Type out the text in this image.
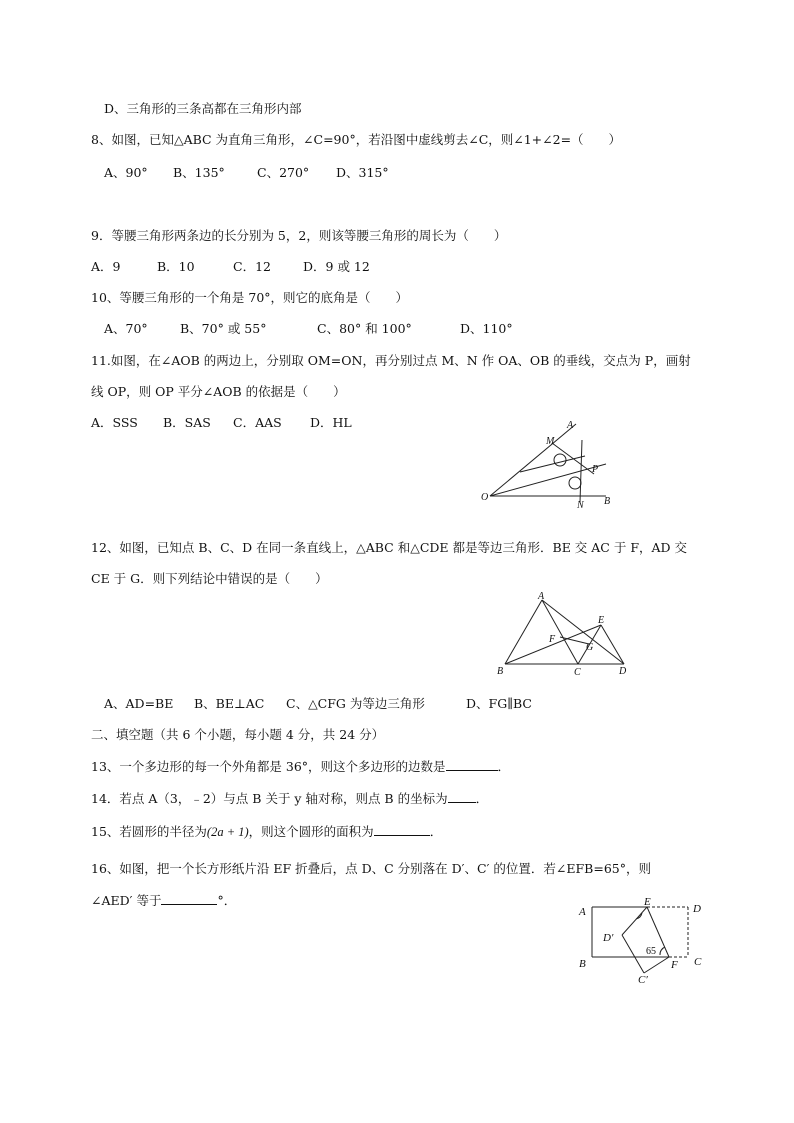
D、三角形的三条高都在三角形内部
8、如图，已知△ABC 为直角三角形，∠C=90°，若沿图中虚线剪去∠C，则∠1+∠2=（　　）
A、90° B、135°	C、270° D、315°
9．等腰三角形两条边的长分别为 5，2，则该等腰三角形的周长为（　　）
A．9	B．10	C．12	D．9 或 12
10、等腰三角形的一个角是 70°，则它的底角是（　　）
A、70°	B、70° 或 55°	C、80° 和 100°	D、110°
11.如图，在∠AOB 的两边上，分别取 OM=ON，再分别过点 M、N 作 OA、OB 的垂线，交点为 P，画射
线 OP，则 OP 平分∠AOB 的依据是（　　）
A．SSS B．SAS C．AAS D．HL	A
M
P
O
N B
12、如图，已知点 B、C、D 在同一条直线上，△ABC 和△CDE 都是等边三角形．BE 交 AC 于 F，AD 交
CE 于 G．则下列结论中错误的是（　　）
A
E
F
G
B	C	D
A、AD=BE B、BE⊥AC C、△CFG 为等边三角形	D、FG∥BC
二、填空题（共 6 个小题，每小题 4 分，共 24 分）
13、一个多边形的每一个外角都是 36°，则这个多边形的边数是	．
14．若点 A（3，﹣2）与点 B 关于 y 轴对称，则点 B 的坐标为 ．
15、若圆形的半径为(2a + 1)，则这个圆形的面积为	．
16、如图，把一个长方形纸片沿 EF 折叠后，点 D、C 分别落在 D′、C′ 的位置．若∠EFB=65°，则
∠AED′ 等于	°．
A
E
D
D′
65
B	F C
C′
